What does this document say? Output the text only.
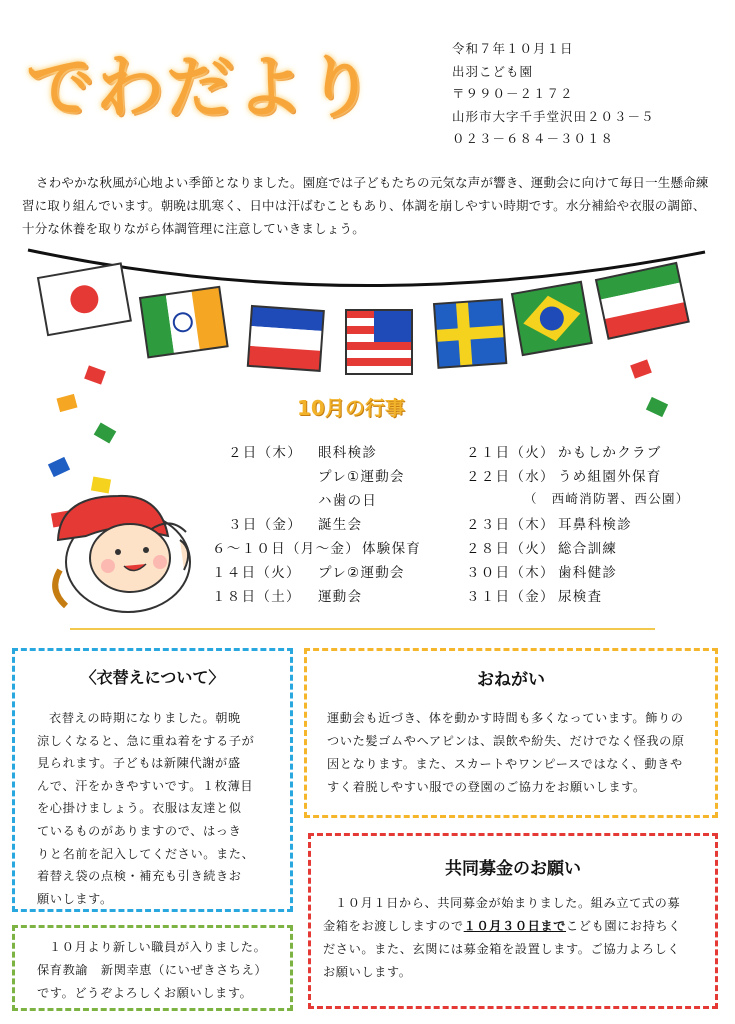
でわだより
令和７年１０月１日
出羽こども園
〒９９０－２１７２
山形市大字千手堂沢田２０３－５
０２３－６８４－３０１８
さわやかな秋風が心地よい季節となりました。園庭では子どもたちの元気な声が響き、運動会に向けて毎日一生懸命練習に取り組んでいます。朝晩は肌寒く、日中は汗ばむこともあり、体調を崩しやすい時期です。水分補給や衣服の調節、十分な休養を取りながら体調管理に注意していきましょう。
10月の行事
２日（木） 眼科検診
プレ①運動会
ハ歯の日
３日（金） 誕生会
６～１０日（月～金） 体験保育
１４日（火） プレ②運動会
１８日（土） 運動会
２１日（火） かもしかクラブ
２２日（水） うめ組園外保育
（　西崎消防署、西公園）
２３日（木） 耳鼻科検診
２８日（火） 総合訓練
３０日（木） 歯科健診
３１日（金） 尿検査
〈衣替えについて〉
衣替えの時期になりました。朝晩
涼しくなると、急に重ね着をする子が
見られます。子どもは新陳代謝が盛
んで、汗をかきやすいです。１枚薄目
を心掛けましょう。衣服は友達と似
ているものがありますので、はっき
りと名前を記入してください。また、
着替え袋の点検・補充も引き続きお
願いします。
おねがい
運動会も近づき、体を動かす時間も多くなっています。飾りの
ついた髪ゴムやヘアピンは、誤飲や紛失、だけでなく怪我の原
因となります。また、スカートやワンピースではなく、動きや
すく着脱しやすい服での登園のご協力をお願いします。
１０月より新しい職員が入りました。
保育教諭　新関幸恵（にいぜきさちえ）
です。どうぞよろしくお願いします。
共同募金のお願い
１０月１日から、共同募金が始まりました。組み立て式の募
金箱をお渡ししますので１０月３０日までこども園にお持ちく
ださい。また、玄関には募金箱を設置します。ご協力よろしく
お願いします。
